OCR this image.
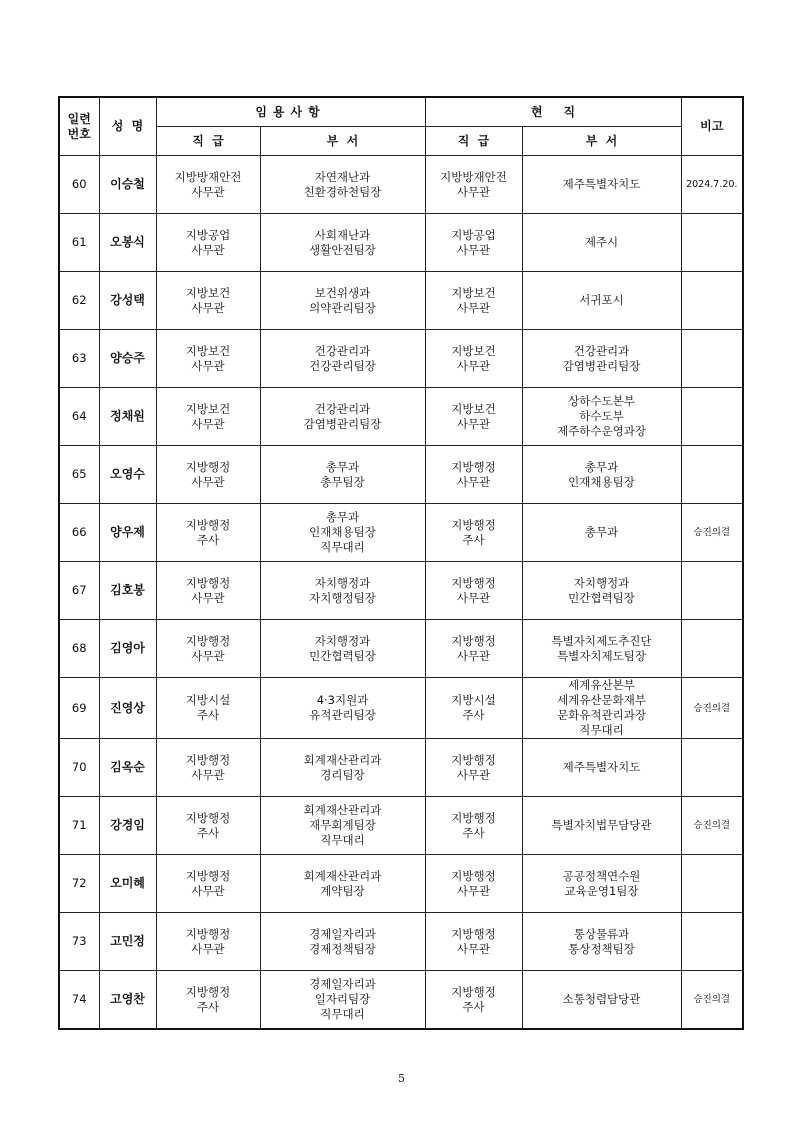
일련
번호	성  명	임용사항		현     직		비고
		직  급	부  서	직  급	부  서	

60	이승철	지방방재안전
사무관	자연재난과
친환경하천팀장	지방방재안전
사무관	제주특별자치도	2024.7.20.

61	오봉식	지방공업
사무관	사회재난과
생활안전팀장	지방공업
사무관	제주시	

62	강성택	지방보건
사무관	보건위생과
의약관리팀장	지방보건
사무관	서귀포시	

63	양승주	지방보건
사무관	건강관리과
건강관리팀장	지방보건
사무관	건강관리과
감염병관리팀장	

64	정채원	지방보건
사무관	건강관리과
감염병관리팀장	지방보건
사무관	상하수도본부
하수도부
제주하수운영과장	

65	오영수	지방행정
사무관	총무과
총무팀장	지방행정
사무관	총무과
인재채용팀장	

66	양우제	지방행정
주사	총무과
인재채용팀장
직무대리	지방행정
주사	총무과	승진의결

67	김호봉	지방행정
사무관	자치행정과
자치행정팀장	지방행정
사무관	자치행정과
민간협력팀장	

68	김영아	지방행정
사무관	자치행정과
민간협력팀장	지방행정
사무관	특별자치제도추진단
특별자치제도팀장	

69	진영상	지방시설
주사	4·3지원과
유적관리팀장	지방시설
주사	세계유산본부
세계유산문화재부
문화유적관리과장
직무대리	승진의결

70	김옥순	지방행정
사무관	회계재산관리과
경리팀장	지방행정
사무관	제주특별자치도	

71	강경임	지방행정
주사	회계재산관리과
재무회계팀장
직무대리	지방행정
주사	특별자치법무담당관	승진의결

72	오미혜	지방행정
사무관	회계재산관리과
계약팀장	지방행정
사무관	공공정책연수원
교육운영1팀장	

73	고민정	지방행정
사무관	경제일자리과
경제정책팀장	지방행정
사무관	통상물류과
통상정책팀장	

74	고영찬	지방행정
주사	경제일자리과
일자리팀장
직무대리	지방행정
주사	소통청렴담당관	승진의결
5
